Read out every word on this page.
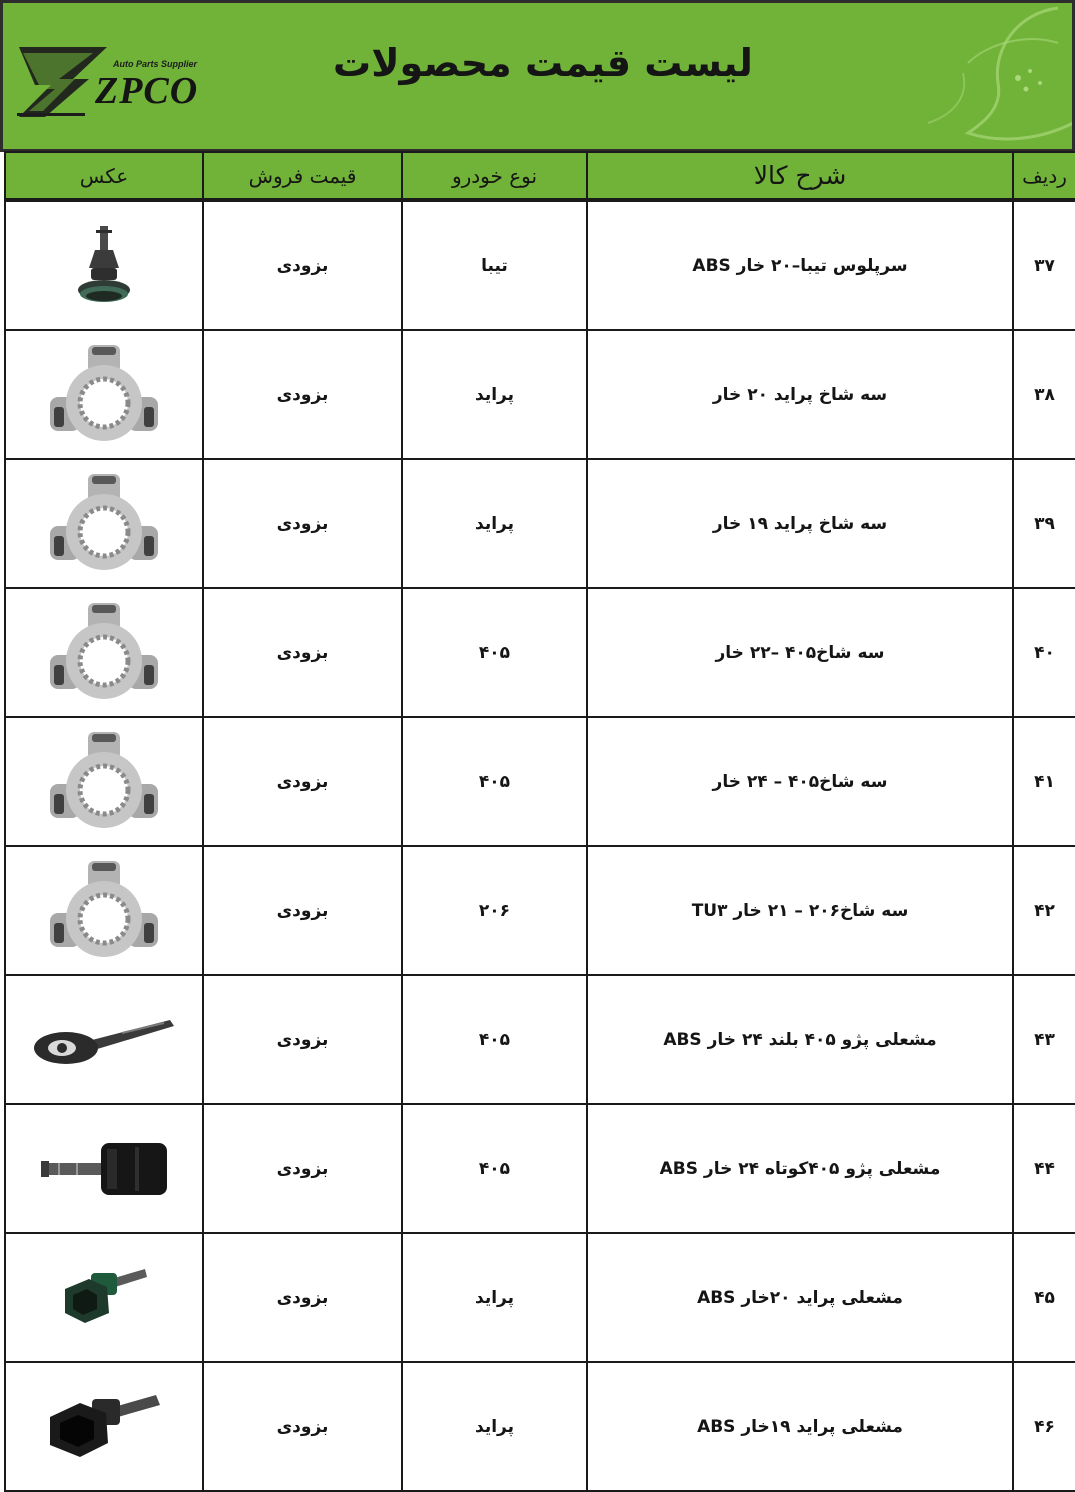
Auto Parts Supplier
ZPCO
لیست قیمت محصولات
عکس	قیمت فروش	نوع خودرو	شرح کالا	ردیف

	بزودی	تیبا	سرپلوس تیبا–۲۰ خار ABS	۳۷

	بزودی	پراید	سه شاخ پراید ۲۰ خار	۳۸

	بزودی	پراید	سه شاخ پراید ۱۹ خار	۳۹

	بزودی	۴۰۵	سه شاخ۴۰۵ –۲۲ خار	۴۰

	بزودی	۴۰۵	سه شاخ۴۰۵ – ۲۴ خار	۴۱

	بزودی	۲۰۶	سه شاخ۲۰۶ – ۲۱ خار TU۳	۴۲

	بزودی	۴۰۵	مشعلی پژو ۴۰۵ بلند ۲۴ خار ABS	۴۳

	بزودی	۴۰۵	مشعلی پژو ۴۰۵کوتاه ۲۴ خار ABS	۴۴

	بزودی	پراید	مشعلی پراید ۲۰خار ABS	۴۵

	بزودی	پراید	مشعلی پراید ۱۹خار ABS	۴۶
